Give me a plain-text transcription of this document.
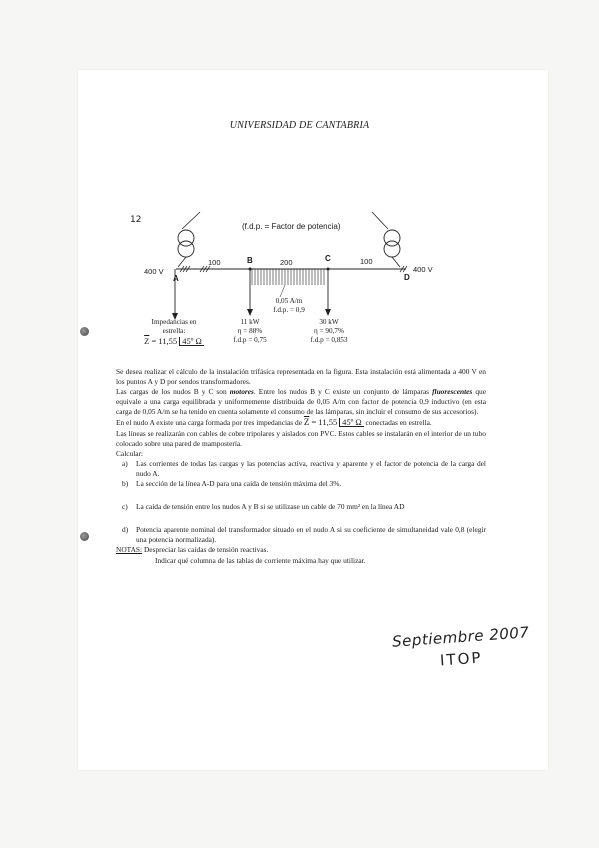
UNIVERSIDAD DE CANTABRIA
12
(f.d.p. = Factor de potencia)
400 V	400 V
A
B	C
D
100	200	100
0,05 A/m
f.d.p. = 0,9
Impedancias en
estrella:
$\overline{Z} = 11,55$ 45º Ω
11 kW
η = 88%
f.d.p = 0,75
30 kW
η = 90,7%
f.d.p = 0,853

Se desea realizar el cálculo de la instalación trifásica representada en la figura. Esta instalación está alimentada a 400 V en los puntos A y D por sendos transformadores.

Las cargas de los nudos B y C son motores. Entre los nudos B y C existe un conjunto de lámparas fluorescentes que equivale a una carga equilibrada y uniformemente distribuida de 0,05 A/m con factor de potencia 0,9 inductivo (en esta carga de 0,05 A/m se ha tenido en cuenta solamente el consumo de las lámparas, sin incluir el consumo de sus accesorios).

En el nudo A existe una carga formada por tres impedancias de $\overline{Z} = 11,55$ 45º Ω conectadas en estrella.

Las líneas se realizarán con cables de cobre tripolares y aislados con PVC. Estos cables se instalarán en el interior de un tubo colocado sobre una pared de mampostería.

Calcular:

a)	Las corrientes de todas las cargas y las potencias activa, reactiva y aparente y el factor de potencia de la carga del nudo A.
b)	La sección de la línea A-D para una caída de tensión máxima del 3%.
c)	La caída de tensión entre los nudos A y B si se utilizase un cable de 70 mm² en la línea AD
d)	Potencia aparente nominal del transformador situado en el nudo A si su coeficiente de simultaneidad vale 0,8 (elegir una potencia normalizada).

NOTAS: Despreciar las caídas de tensión reactivas.

Indicar qué columna de las tablas de corriente máxima hay que utilizar.

Septiembre 2007
ITOP
